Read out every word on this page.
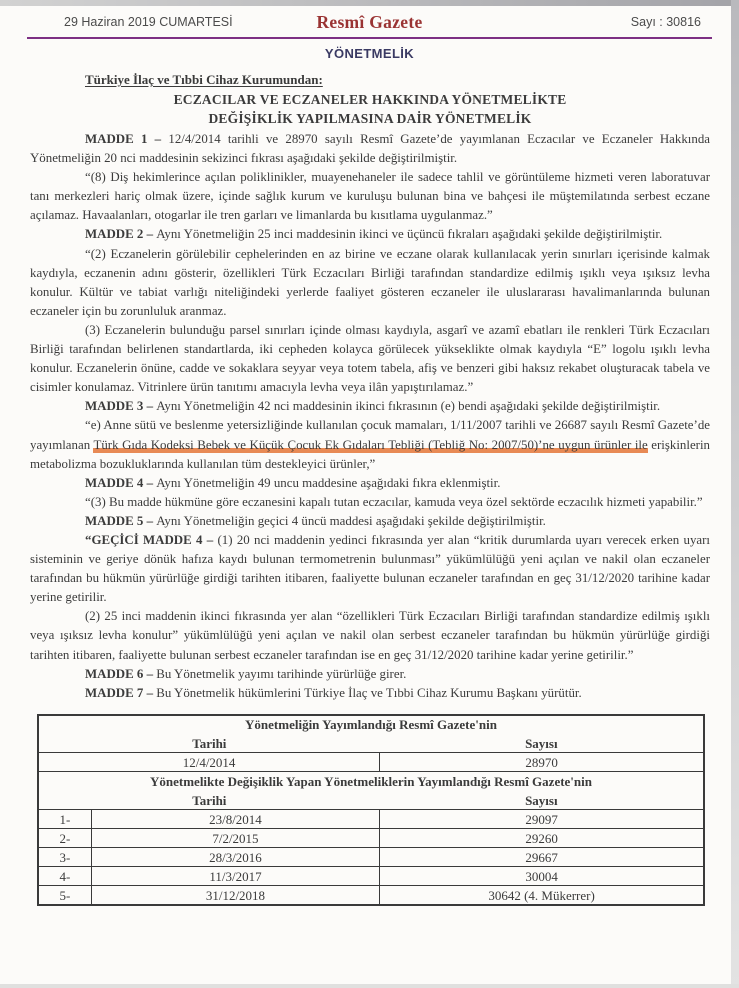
29 Haziran 2019 CUMARTESİ	Resmî Gazete	Sayı : 30816
YÖNETMELİK
Türkiye İlaç ve Tıbbi Cihaz Kurumundan:
ECZACILAR VE ECZANELER HAKKINDA YÖNETMELİKTE
DEĞİŞİKLİK YAPILMASINA DAİR YÖNETMELİK

MADDE 1 – 12/4/2014 tarihli ve 28970 sayılı Resmî Gazete’de yayımlanan Eczacılar ve Eczaneler Hakkında Yönetmeliğin 20 nci maddesinin sekizinci fıkrası aşağıdaki şekilde değiştirilmiştir.

“(8) Diş hekimlerince açılan poliklinikler, muayenehaneler ile sadece tahlil ve görüntüleme hizmeti veren laboratuvar tanı merkezleri hariç olmak üzere, içinde sağlık kurum ve kuruluşu bulunan bina ve bahçesi ile müştemilatında serbest eczane açılamaz. Havaalanları, otogarlar ile tren garları ve limanlarda bu kısıtlama uygulanmaz.”

MADDE 2 – Aynı Yönetmeliğin 25 inci maddesinin ikinci ve üçüncü fıkraları aşağıdaki şekilde değiştirilmiştir.

“(2) Eczanelerin görülebilir cephelerinden en az birine ve eczane olarak kullanılacak yerin sınırları içerisinde kalmak kaydıyla, eczanenin adını gösterir, özellikleri Türk Eczacıları Birliği tarafından standardize edilmiş ışıklı veya ışıksız levha konulur. Kültür ve tabiat varlığı niteliğindeki yerlerde faaliyet gösteren eczaneler ile uluslararası havalimanlarında bulunan eczaneler için bu zorunluluk aranmaz.

(3) Eczanelerin bulunduğu parsel sınırları içinde olması kaydıyla, asgarî ve azamî ebatları ile renkleri Türk Eczacıları Birliği tarafından belirlenen standartlarda, iki cepheden kolayca görülecek yükseklikte olmak kaydıyla “E” logolu ışıklı levha konulur. Eczanelerin önüne, cadde ve sokaklara seyyar veya totem tabela, afiş ve benzeri gibi haksız rekabet oluşturacak tabela ve cisimler konulamaz. Vitrinlere ürün tanıtımı amacıyla levha veya ilân yapıştırılamaz.”

MADDE 3 – Aynı Yönetmeliğin 42 nci maddesinin ikinci fıkrasının (e) bendi aşağıdaki şekilde değiştirilmiştir.

“e) Anne sütü ve beslenme yetersizliğinde kullanılan çocuk mamaları, 1/11/2007 tarihli ve 26687 sayılı Resmî Gazete’de yayımlanan Türk Gıda Kodeksi Bebek ve Küçük Çocuk Ek Gıdaları Tebliği (Tebliğ No: 2007/50)’ne uygun ürünler ile erişkinlerin metabolizma bozukluklarında kullanılan tüm destekleyici ürünler,”

MADDE 4 – Aynı Yönetmeliğin 49 uncu maddesine aşağıdaki fıkra eklenmiştir.

“(3) Bu madde hükmüne göre eczanesini kapalı tutan eczacılar, kamuda veya özel sektörde eczacılık hizmeti yapabilir.”

MADDE 5 – Aynı Yönetmeliğin geçici 4 üncü maddesi aşağıdaki şekilde değiştirilmiştir.

“GEÇİCİ MADDE 4 – (1) 20 nci maddenin yedinci fıkrasında yer alan “kritik durumlarda uyarı verecek erken uyarı sisteminin ve geriye dönük hafıza kaydı bulunan termometrenin bulunması” yükümlülüğü yeni açılan ve nakil olan eczaneler tarafından bu hükmün yürürlüğe girdiği tarihten itibaren, faaliyette bulunan eczaneler tarafından en geç 31/12/2020 tarihine kadar yerine getirilir.

(2) 25 inci maddenin ikinci fıkrasında yer alan “özellikleri Türk Eczacıları Birliği tarafından standardize edilmiş ışıklı veya ışıksız levha konulur” yükümlülüğü yeni açılan ve nakil olan serbest eczaneler tarafından bu hükmün yürürlüğe girdiği tarihten itibaren, faaliyette bulunan serbest eczaneler tarafından ise en geç 31/12/2020 tarihine kadar yerine getirilir.”

MADDE 6 – Bu Yönetmelik yayımı tarihinde yürürlüğe girer.

MADDE 7 – Bu Yönetmelik hükümlerini Türkiye İlaç ve Tıbbi Cihaz Kurumu Başkanı yürütür.

Yönetmeliğin Yayımlandığı Resmî Gazete'nin		
Tarihi		Sayısı
12/4/2014		28970
Yönetmelikte Değişiklik Yapan Yönetmeliklerin Yayımlandığı Resmî Gazete'nin		
Tarihi		Sayısı
1-	23/8/2014	29097
2-	7/2/2015	29260
3-	28/3/2016	29667
4-	11/3/2017	30004
5-	31/12/2018	30642 (4. Mükerrer)
